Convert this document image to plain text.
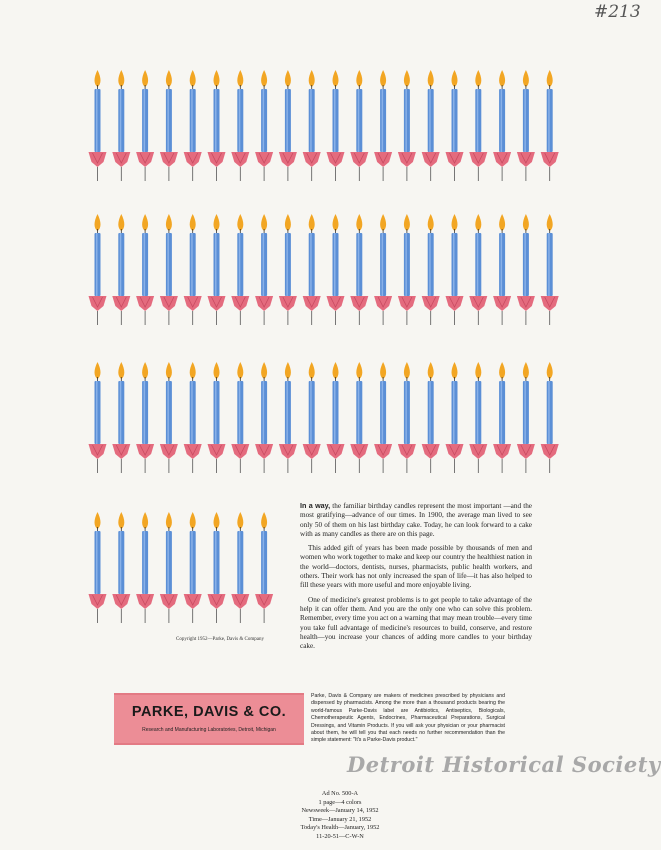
#213
Copyright 1952—Parke, Davis & Company

In a way, the familiar birthday candles represent the most important —and the most gratifying—advance of our times. In 1900, the average man lived to see only 50 of them on his last birthday cake. Today, he can look forward to a cake with as many candles as there are on this page.

This added gift of years has been made possible by thousands of men and women who work together to make and keep our country the healthiest nation in the world—doctors, dentists, nurses, pharmacists, public health workers, and others. Their work has not only increased the span of life—it has also helped to fill these years with more useful and more enjoyable living.

One of medicine's greatest problems is to get people to take advantage of the help it can offer them. And you are the only one who can solve this problem. Remember, every time you act on a warning that may mean trouble—every time you take full advantage of medicine's resources to build, conserve, and restore health—you increase your chances of adding more candles to your birthday cake.

PARKE, DAVIS & CO.
Research and Manufacturing Laboratories, Detroit, Michigan
Parke, Davis & Company are makers of medicines prescribed by physicians and dispensed by pharmacists. Among the more than a thousand products bearing the world-famous Parke-Davis label are Antibiotics, Antiseptics, Biologicals, Chemotherapeutic Agents, Endocrines, Pharmaceutical Preparations, Surgical Dressings, and Vitamin Products. If you will ask your physician or your pharmacist about them, he will tell you that each needs no further recommendation than the simple statement: "It's a Parke-Davis product."
Detroit Historical Society
Ad No. 500-A
1 page—4 colors
Newsweek—January 14, 1952
Time—January 21, 1952
Today's Health—January, 1952
11-20-51—C-W-N
